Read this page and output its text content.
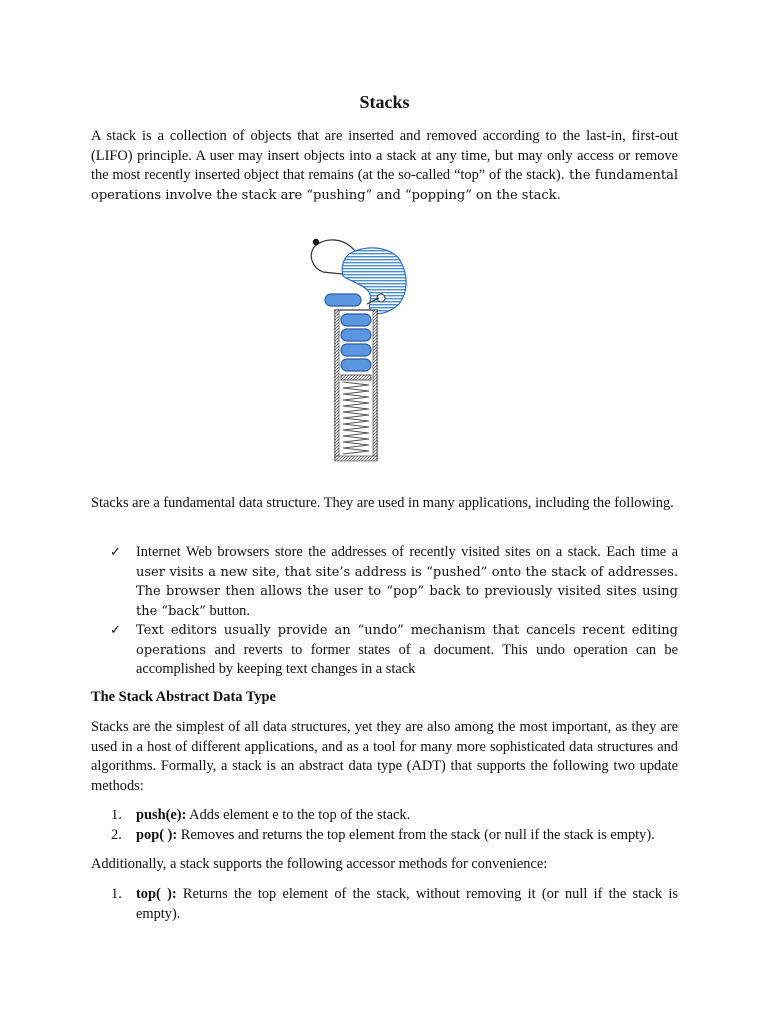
Stacks

A stack is a collection of objects that are inserted and removed according to the last-in, first-out (LIFO) principle. A user may insert objects into a stack at any time, but may only access or remove the most recently inserted object that remains (at the so-called “top” of the stack). the fundamental operations involve the stack are “pushing” and “popping” on the stack.

Stacks are a fundamental data structure. They are used in many applications, including the following.

✓ Internet Web browsers store the addresses of recently visited sites on a stack. Each time a user visits a new site, that site’s address is “pushed” onto the stack of addresses. The browser then allows the user to “pop” back to previously visited sites using the “back” button.
✓ Text editors usually provide an “undo” mechanism that cancels recent editing operations and reverts to former states of a document. This undo operation can be accomplished by keeping text changes in a stack
The Stack Abstract Data Type

Stacks are the simplest of all data structures, yet they are also among the most important, as they are used in a host of different applications, and as a tool for many more sophisticated data structures and algorithms. Formally, a stack is an abstract data type (ADT) that supports the following two update methods:

1. push(e): Adds element e to the top of the stack.
2. pop( ): Removes and returns the top element from the stack (or null if the stack is empty).

Additionally, a stack supports the following accessor methods for convenience:

1. top( ): Returns the top element of the stack, without removing it (or null if the stack is empty).
